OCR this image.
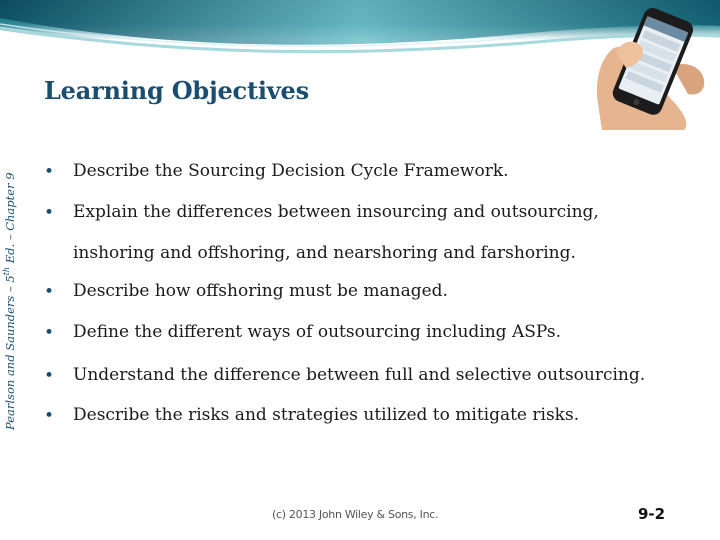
Learning Objectives
Pearlson and Saunders – 5th Ed. – Chapter 9
• Describe the Sourcing Decision Cycle Framework.
• Explain the differences between insourcing and outsourcing, inshoring and offshoring, and nearshoring and farshoring.
• Describe how offshoring must be managed.
• Define the different ways of outsourcing including ASPs.
• Understand the difference between full and selective outsourcing.
• Describe the risks and strategies utilized to mitigate risks.
(c) 2013 John Wiley & Sons, Inc.	9-2
